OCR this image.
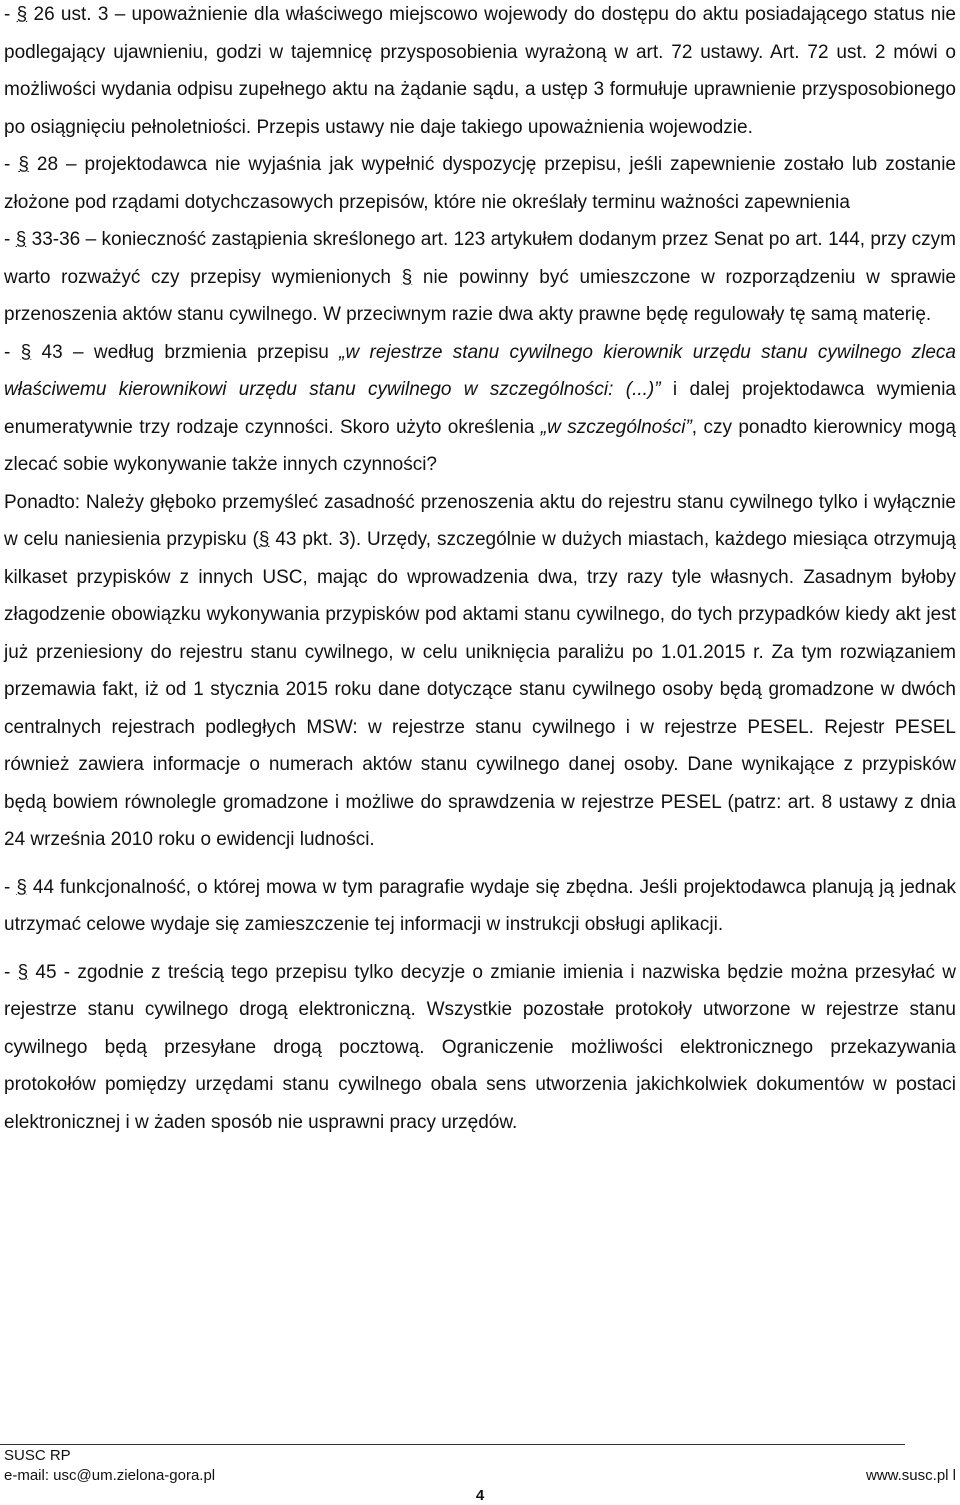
- § 26 ust. 3 – upoważnienie dla właściwego miejscowo wojewody do dostępu do aktu posiadającego status nie podlegający ujawnieniu, godzi w tajemnicę przysposobienia wyrażoną w art. 72 ustawy. Art. 72 ust. 2 mówi o możliwości wydania odpisu zupełnego aktu na żądanie sądu, a ustęp 3 formułuje uprawnienie przysposobionego po osiągnięciu pełnoletniości. Przepis ustawy nie daje takiego upoważnienia wojewodzie.

- § 28 – projektodawca nie wyjaśnia jak wypełnić dyspozycję przepisu, jeśli zapewnienie zostało lub zostanie złożone pod rządami dotychczasowych przepisów, które nie określały terminu ważności zapewnienia

- § 33-36 – konieczność zastąpienia skreślonego art. 123 artykułem dodanym przez Senat po art. 144, przy czym warto rozważyć czy przepisy wymienionych § nie powinny być umieszczone w rozporządzeniu w sprawie przenoszenia aktów stanu cywilnego. W przeciwnym razie dwa akty prawne będę regulowały tę samą materię.

- § 43 – według brzmienia przepisu „w rejestrze stanu cywilnego kierownik urzędu stanu cywilnego zleca właściwemu kierownikowi urzędu stanu cywilnego w szczególności: (...)” i dalej projektodawca wymienia enumeratywnie trzy rodzaje czynności. Skoro użyto określenia „w szczególności”, czy ponadto kierownicy mogą zlecać sobie wykonywanie także innych czynności?

Ponadto: Należy głęboko przemyśleć zasadność przenoszenia aktu do rejestru stanu cywilnego tylko i wyłącznie w celu naniesienia przypisku (§ 43 pkt. 3). Urzędy, szczególnie w dużych miastach, każdego miesiąca otrzymują kilkaset przypisków z innych USC, mając do wprowadzenia dwa, trzy razy tyle własnych. Zasadnym byłoby złagodzenie obowiązku wykonywania przypisków pod aktami stanu cywilnego, do tych przypadków kiedy akt jest już przeniesiony do rejestru stanu cywilnego, w celu uniknięcia paraliżu po 1.01.2015 r. Za tym rozwiązaniem przemawia fakt, iż od 1 stycznia 2015 roku dane dotyczące stanu cywilnego osoby będą gromadzone w dwóch centralnych rejestrach podległych MSW: w rejestrze stanu cywilnego i w rejestrze PESEL. Rejestr PESEL również zawiera informacje o numerach aktów stanu cywilnego danej osoby. Dane wynikające z przypisków będą bowiem równolegle gromadzone i możliwe do sprawdzenia w rejestrze PESEL (patrz: art. 8 ustawy z dnia 24 września 2010 roku o ewidencji ludności.

- § 44 funkcjonalność, o której mowa w tym paragrafie wydaje się zbędna. Jeśli projektodawca planują ją jednak utrzymać celowe wydaje się zamieszczenie tej informacji w instrukcji obsługi aplikacji.

- § 45 - zgodnie z treścią tego przepisu tylko decyzje o zmianie imienia i nazwiska będzie można przesyłać w rejestrze stanu cywilnego drogą elektroniczną. Wszystkie pozostałe protokoły utworzone w rejestrze stanu cywilnego będą przesyłane drogą pocztową. Ograniczenie możliwości elektronicznego przekazywania protokołów pomiędzy urzędami stanu cywilnego obala sens utworzenia jakichkolwiek dokumentów w postaci elektronicznej i w żaden sposób nie usprawni pracy urzędów.

SUSC RP
e-mail: usc@um.zielona-gora.pl	www.susc.pl l
4
